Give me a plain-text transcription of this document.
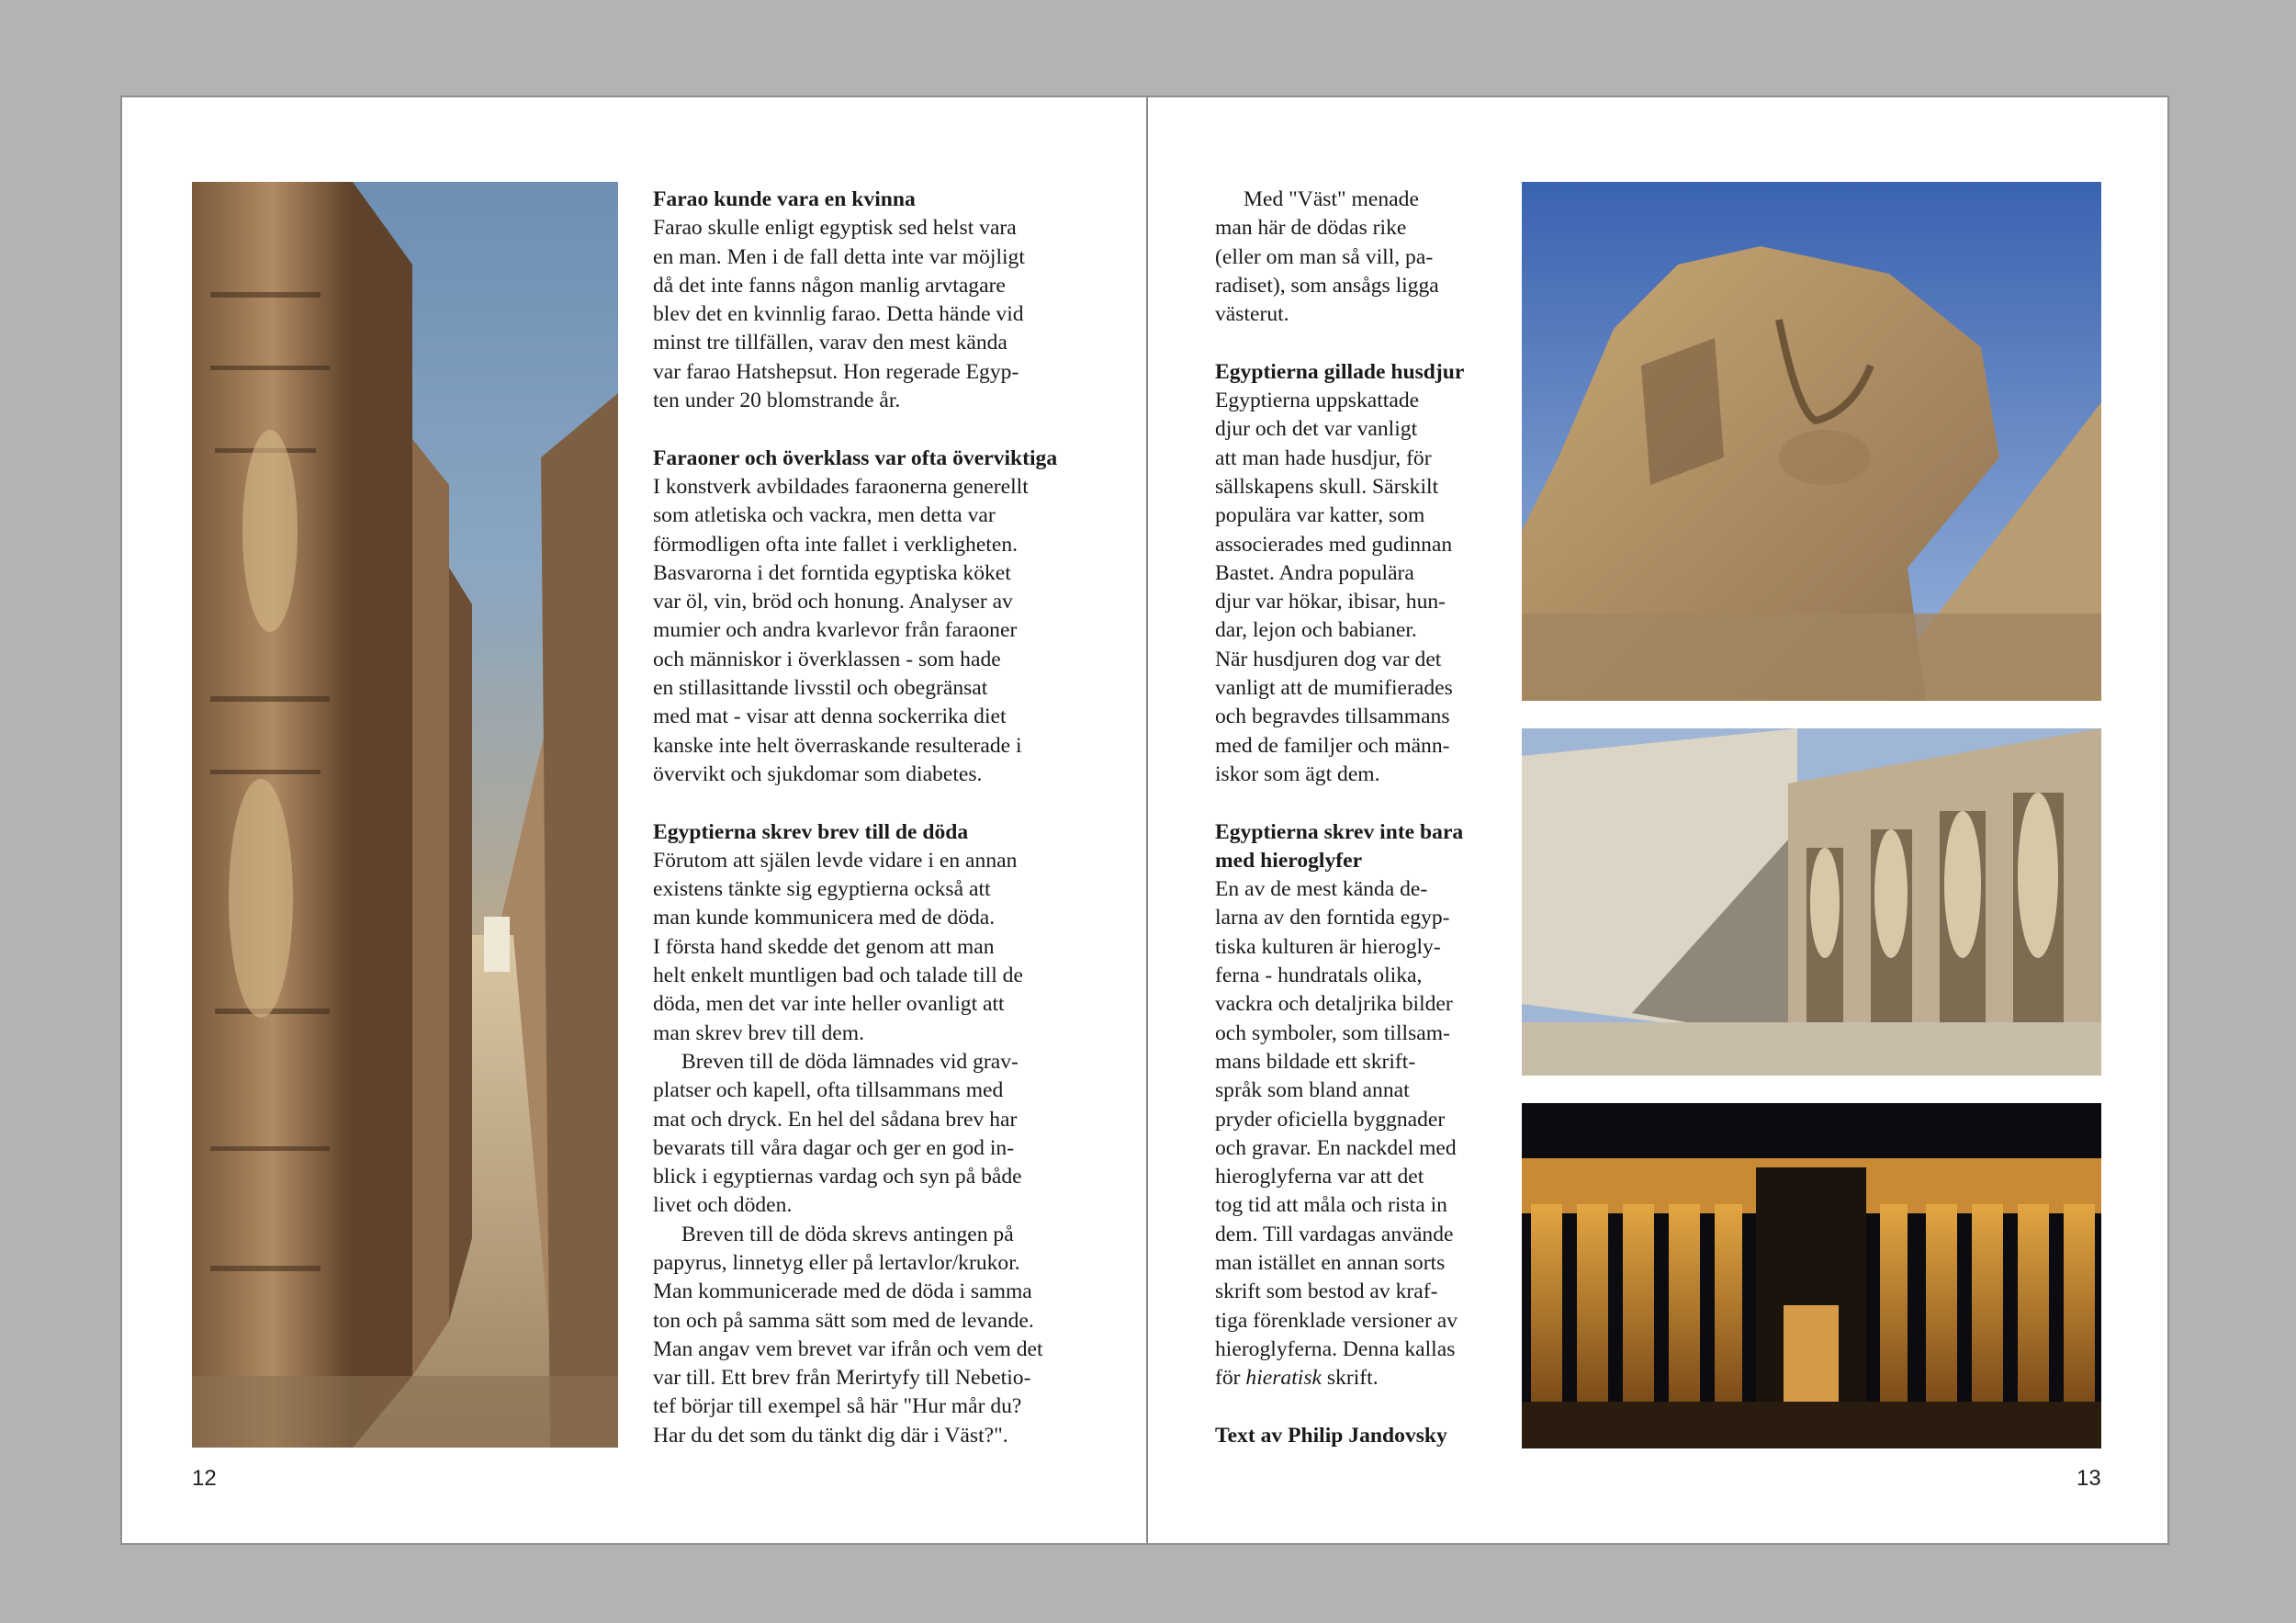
Farao kunde vara en kvinna

Farao skulle enligt egyptisk sed helst vara

en man. Men i de fall detta inte var möjligt

då det inte fanns någon manlig arvtagare

blev det en kvinnlig farao. Detta hände vid

minst tre tillfällen, varav den mest kända

var farao Hatshepsut. Hon regerade Egyp-

ten under 20 blomstrande år.

Faraoner och överklass var ofta överviktiga

I konstverk avbildades faraonerna generellt

som atletiska och vackra, men detta var

förmodligen ofta inte fallet i verkligheten.

Basvarorna i det forntida egyptiska köket

var öl, vin, bröd och honung. Analyser av

mumier och andra kvarlevor från faraoner

och människor i överklassen - som hade

en stillasittande livsstil och obegränsat

med mat - visar att denna sockerrika diet

kanske inte helt överraskande resulterade i

övervikt och sjukdomar som diabetes.

Egyptierna skrev brev till de döda

Förutom att själen levde vidare i en annan

existens tänkte sig egyptierna också att

man kunde kommunicera med de döda.

I första hand skedde det genom att man

helt enkelt muntligen bad och talade till de

döda, men det var inte heller ovanligt att

man skrev brev till dem.

Breven till de döda lämnades vid grav-

platser och kapell, ofta tillsammans med

mat och dryck. En hel del sådana brev har

bevarats till våra dagar och ger en god in-

blick i egyptiernas vardag och syn på både

livet och döden.

Breven till de döda skrevs antingen på

papyrus, linnetyg eller på lertavlor/krukor.

Man kommunicerade med de döda i samma

ton och på samma sätt som med de levande.

Man angav vem brevet var ifrån och vem det

var till. Ett brev från Merirtyfy till Nebetio-

tef börjar till exempel så här "Hur mår du?

Har du det som du tänkt dig där i Väst?".

12

Med "Väst" menade

man här de dödas rike

(eller om man så vill, pa-

radiset), som ansågs ligga

västerut.

Egyptierna gillade husdjur

Egyptierna uppskattade

djur och det var vanligt

att man hade husdjur, för

sällskapens skull. Särskilt

populära var katter, som

associerades med gudinnan

Bastet. Andra populära

djur var hökar, ibisar, hun-

dar, lejon och babianer.

När husdjuren dog var det

vanligt att de mumifierades

och begravdes tillsammans

med de familjer och männ-

iskor som ägt dem.

Egyptierna skrev inte bara

med hieroglyfer

En av de mest kända de-

larna av den forntida egyp-

tiska kulturen är hierogly-

ferna - hundratals olika,

vackra och detaljrika bilder

och symboler, som tillsam-

mans bildade ett skrift-

språk som bland annat

pryder oficiella byggnader

och gravar. En nackdel med

hieroglyferna var att det

tog tid att måla och rista in

dem. Till vardagas använde

man istället en annan sorts

skrift som bestod av kraf-

tiga förenklade versioner av

hieroglyferna. Denna kallas

för hieratisk skrift.

Text av Philip Jandovsky

13
